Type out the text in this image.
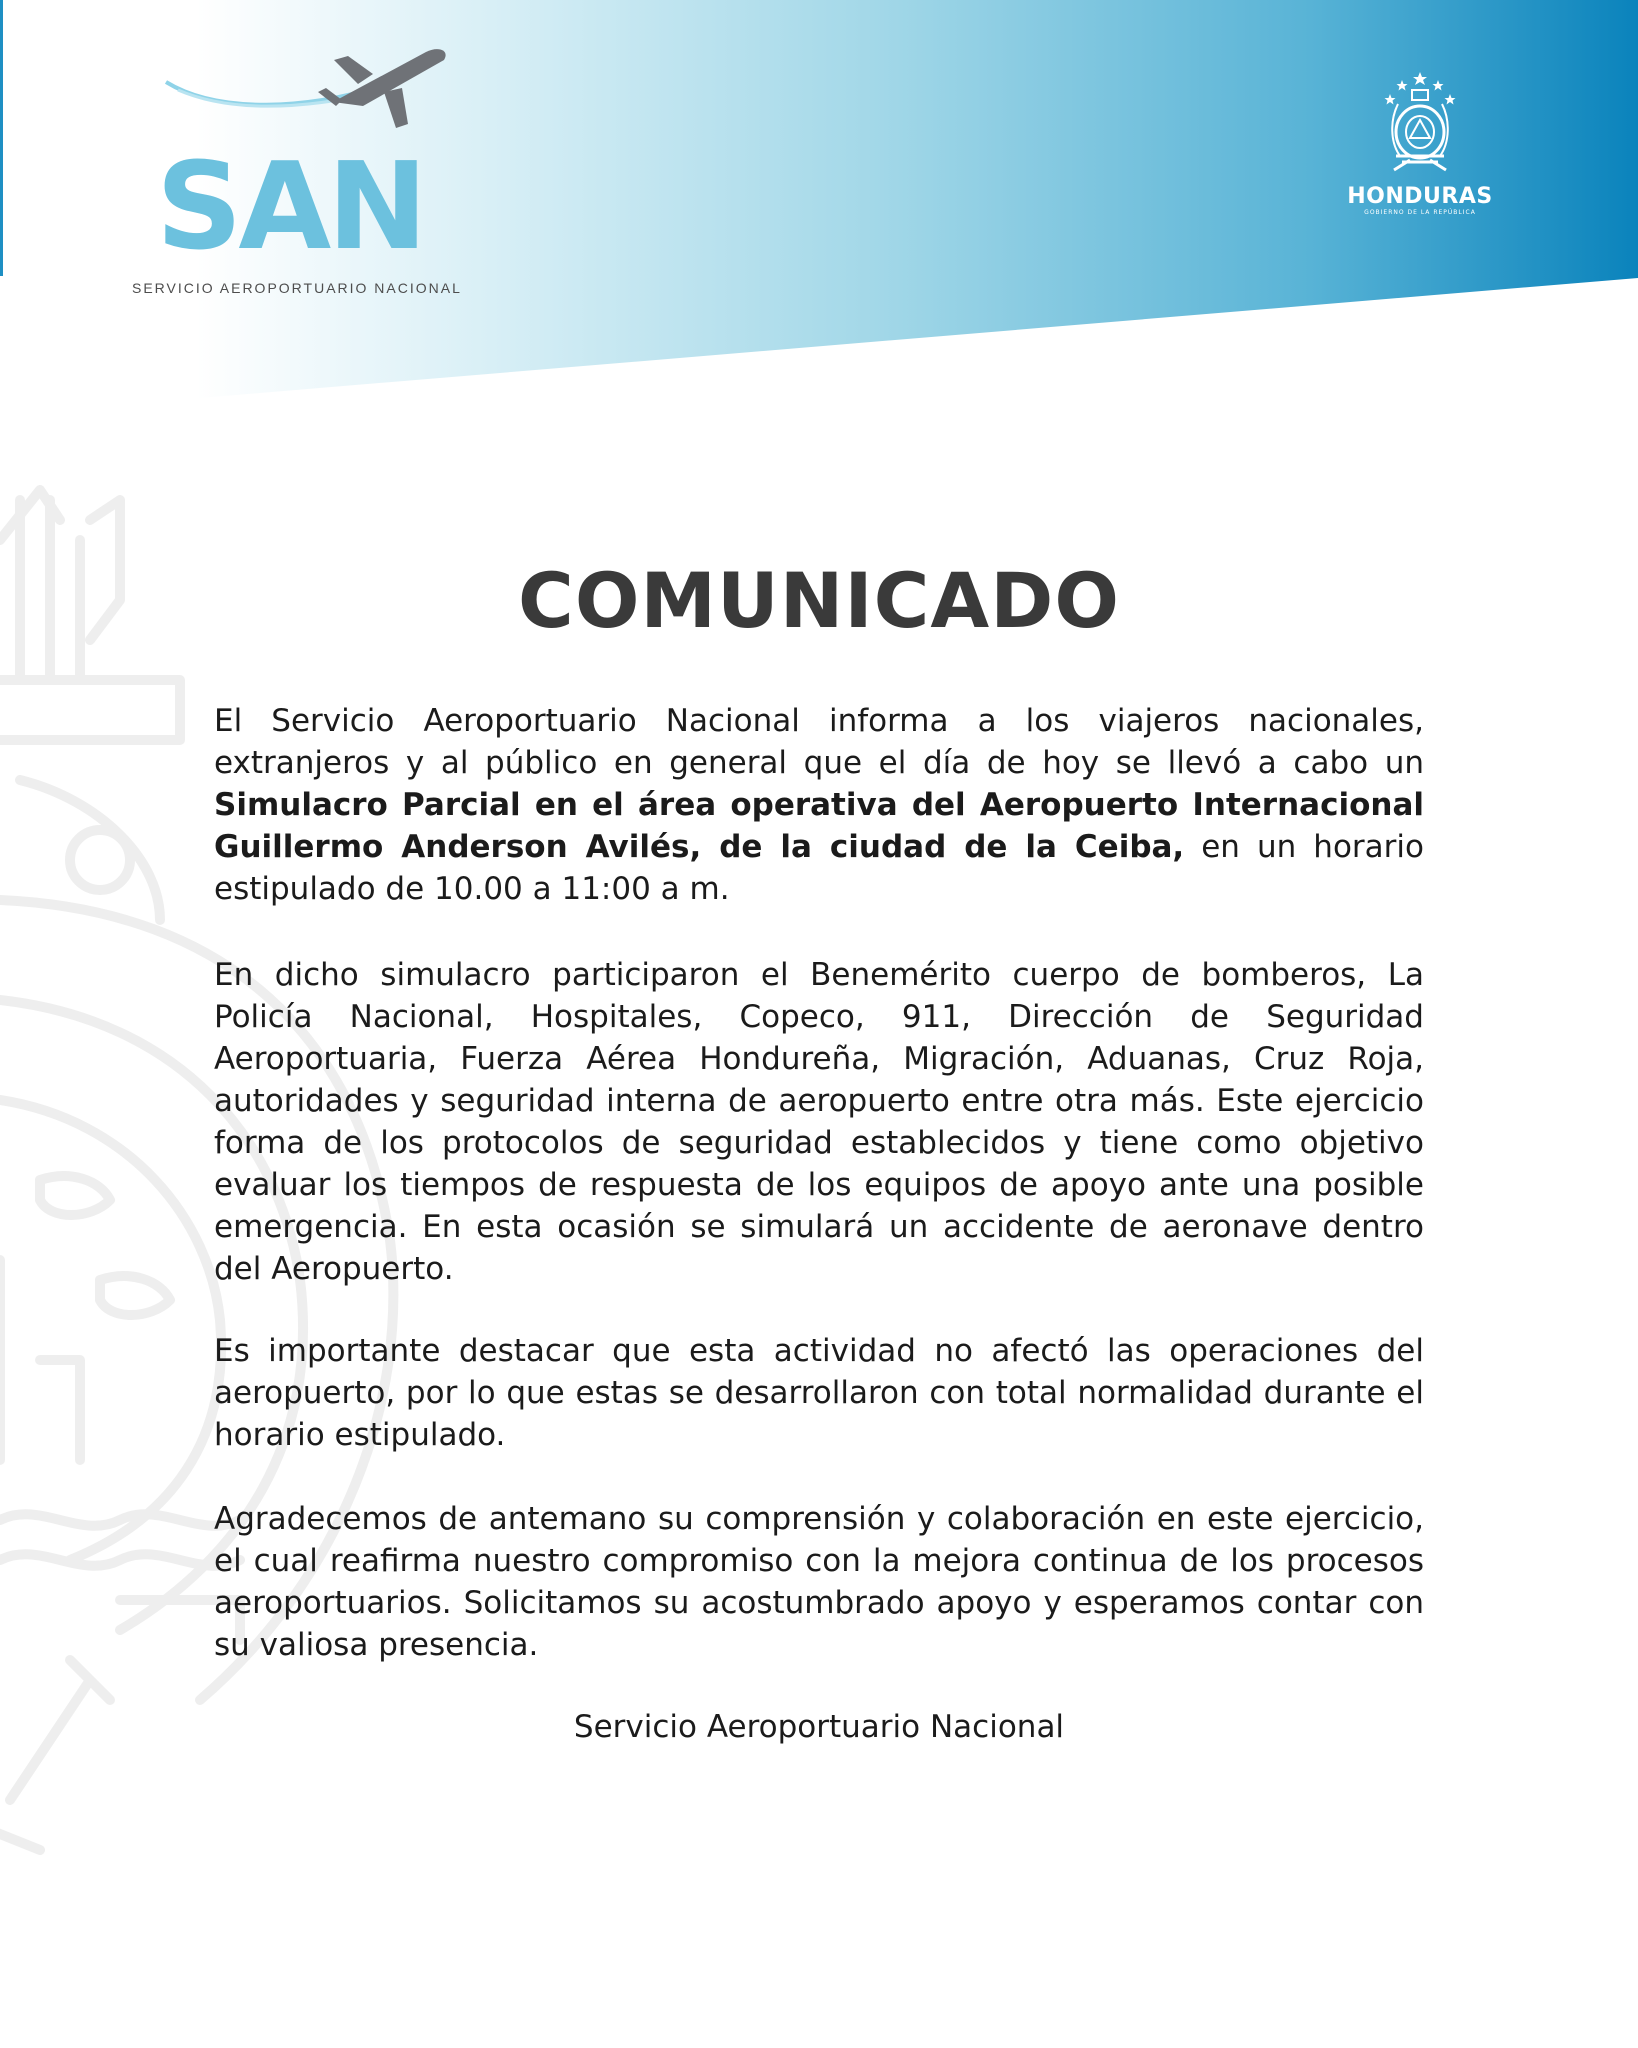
SAN
SERVICIO AEROPORTUARIO NACIONAL
HONDURAS
GOBIERNO DE LA REPÚBLICA
COMUNICADO

El Servicio Aeroportuario Nacional informa a los viajeros nacionales, extranjeros y al público en general que el día de hoy se llevó a cabo un Simulacro Parcial en el área operativa del Aeropuerto Internacional Guillermo Anderson Avilés, de la ciudad de la Ceiba, en un horario estipulado de 10.00 a 11:00 a m.

En dicho simulacro participaron el Benemérito cuerpo de bomberos, La Policía Nacional, Hospitales, Copeco, 911, Dirección de Seguridad Aeroportuaria, Fuerza Aérea Hondureña, Migración, Aduanas, Cruz Roja, autoridades y seguridad interna de aeropuerto entre otra más. Este ejercicio forma de los protocolos de seguridad establecidos y tiene como objetivo evaluar los tiempos de respuesta de los equipos de apoyo ante una posible emergencia. En esta ocasión se simulará un accidente de aeronave dentro del Aeropuerto.

Es importante destacar que esta actividad no afectó las operaciones del aeropuerto, por lo que estas se desarrollaron con total normalidad durante el horario estipulado.

Agradecemos de antemano su comprensión y colaboración en este ejercicio, el cual reafirma nuestro compromiso con la mejora continua de los procesos aeroportuarios. Solicitamos su acostumbrado apoyo y esperamos contar con su valiosa presencia.

Servicio Aeroportuario Nacional
